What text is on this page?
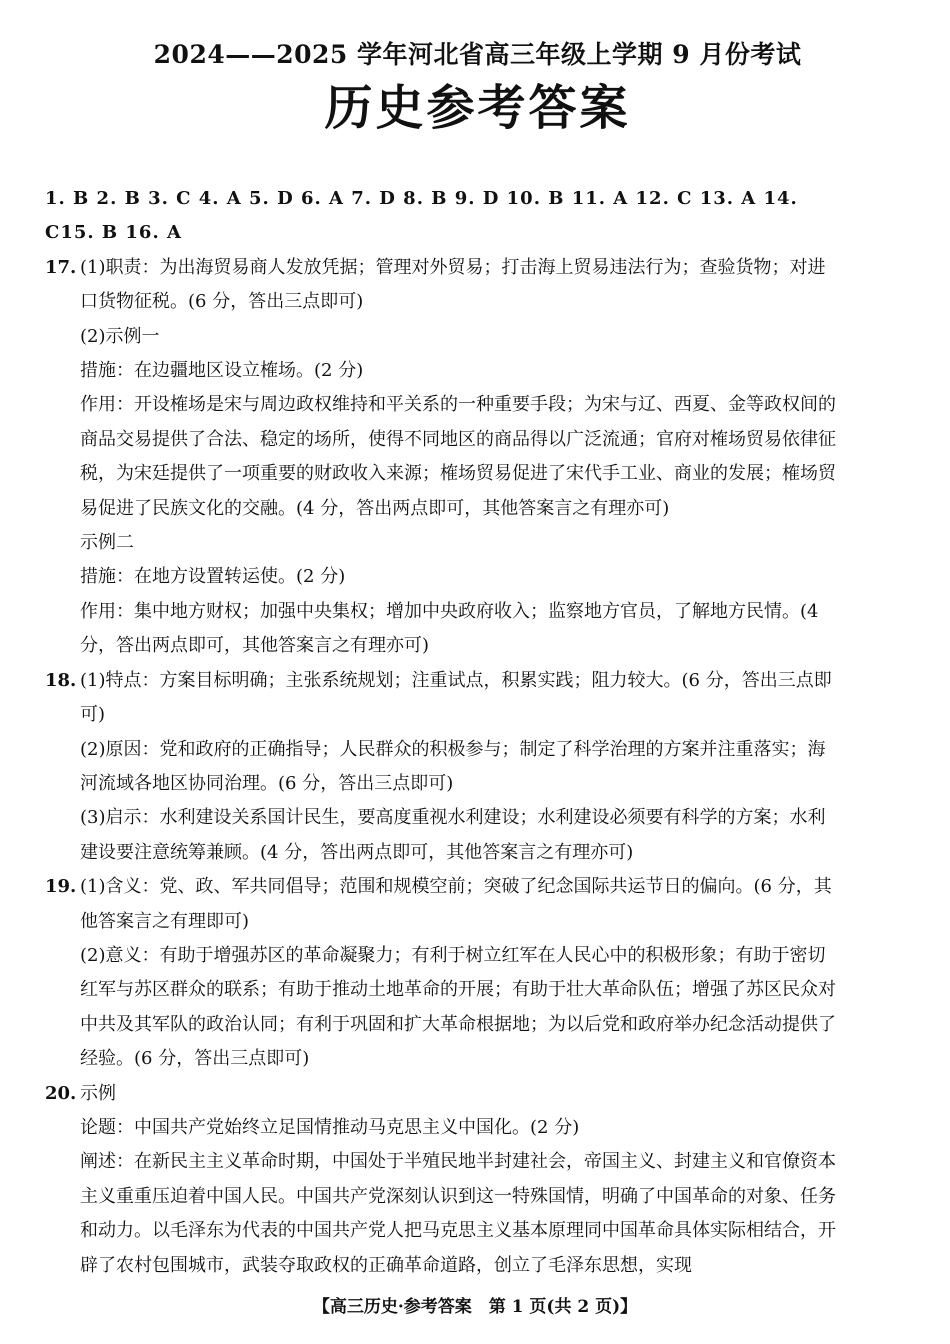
2024——2025 学年河北省高三年级上学期 9 月份考试
历史参考答案
1. B 2. B 3. C 4. A 5. D 6. A 7. D 8. B 9. D 10. B 11. A 12. C 13. A 14.
C15. B 16. A
17. (1)职责：为出海贸易商人发放凭据；管理对外贸易；打击海上贸易违法行为；查验货物；对进
口货物征税。(6 分，答出三点即可)
(2)示例一
措施：在边疆地区设立榷场。(2 分)
作用：开设榷场是宋与周边政权维持和平关系的一种重要手段；为宋与辽、西夏、金等政权间的
商品交易提供了合法、稳定的场所，使得不同地区的商品得以广泛流通；官府对榷场贸易依律征
税，为宋廷提供了一项重要的财政收入来源；榷场贸易促进了宋代手工业、商业的发展；榷场贸
易促进了民族文化的交融。(4 分，答出两点即可，其他答案言之有理亦可)
示例二
措施：在地方设置转运使。(2 分)
作用：集中地方财权；加强中央集权；增加中央政府收入；监察地方官员，了解地方民情。(4
分，答出两点即可，其他答案言之有理亦可)
18. (1)特点：方案目标明确；主张系统规划；注重试点，积累实践；阻力较大。(6 分，答出三点即
可)
(2)原因：党和政府的正确指导；人民群众的积极参与；制定了科学治理的方案并注重落实；海
河流域各地区协同治理。(6 分，答出三点即可)
(3)启示：水利建设关系国计民生，要高度重视水利建设；水利建设必须要有科学的方案；水利
建设要注意统筹兼顾。(4 分，答出两点即可，其他答案言之有理亦可)
19. (1)含义：党、政、军共同倡导；范围和规模空前；突破了纪念国际共运节日的偏向。(6 分，其
他答案言之有理即可)
(2)意义：有助于增强苏区的革命凝聚力；有利于树立红军在人民心中的积极形象；有助于密切
红军与苏区群众的联系；有助于推动土地革命的开展；有助于壮大革命队伍；增强了苏区民众对
中共及其军队的政治认同；有利于巩固和扩大革命根据地；为以后党和政府举办纪念活动提供了
经验。(6 分，答出三点即可)
20. 示例
论题：中国共产党始终立足国情推动马克思主义中国化。(2 分)
阐述：在新民主主义革命时期，中国处于半殖民地半封建社会，帝国主义、封建主义和官僚资本
主义重重压迫着中国人民。中国共产党深刻认识到这一特殊国情，明确了中国革命的对象、任务
和动力。以毛泽东为代表的中国共产党人把马克思主义基本原理同中国革命具体实际相结合，开
辟了农村包围城市，武装夺取政权的正确革命道路，创立了毛泽东思想，实现
【高三历史·参考答案　第 1 页(共 2 页)】
